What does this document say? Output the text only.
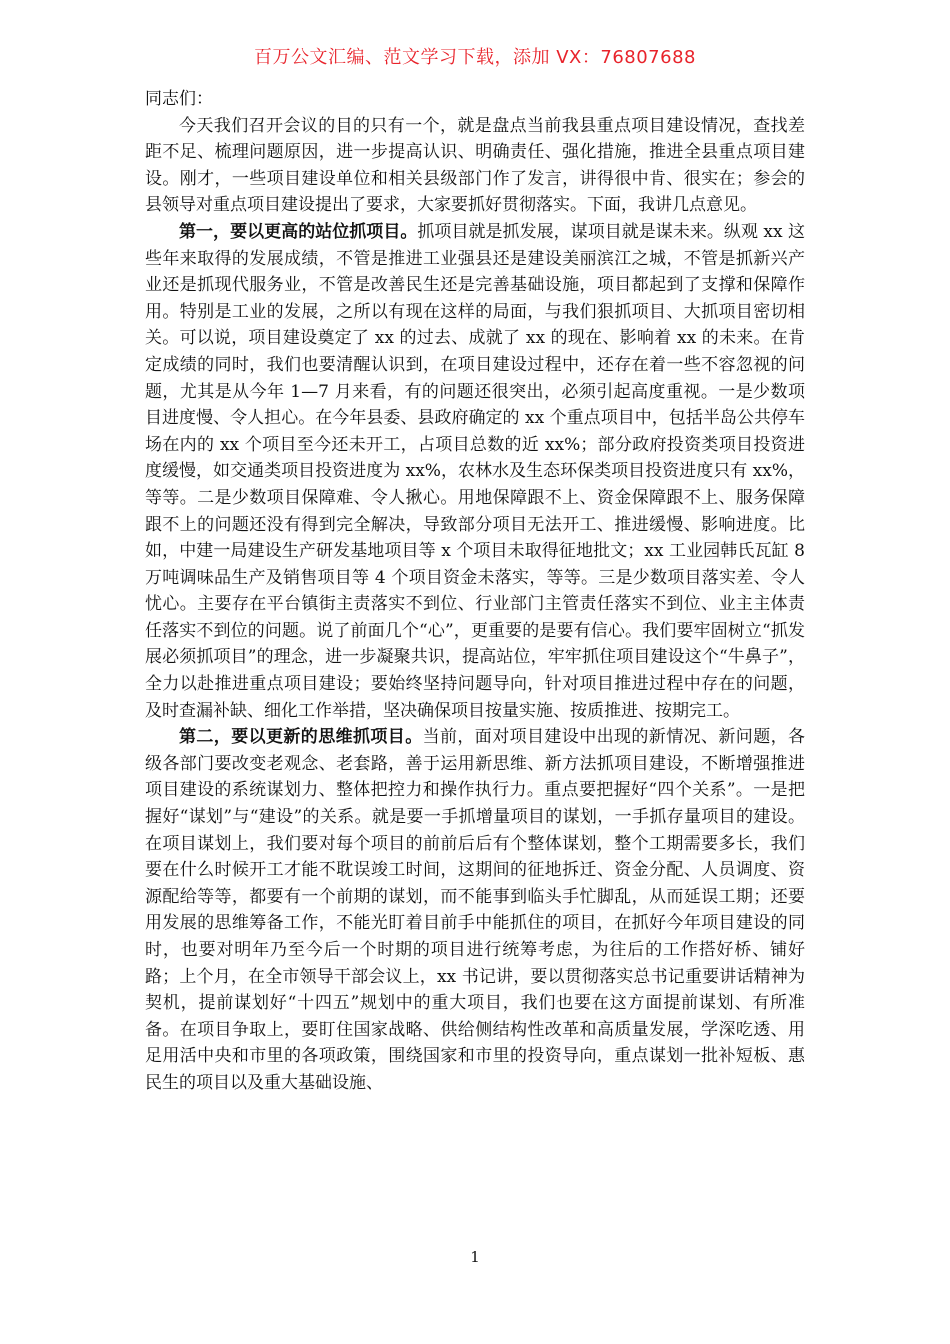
百万公文汇编、范文学习下载，添加 VX：76807688

同志们：

今天我们召开会议的目的只有一个，就是盘点当前我县重点项目建设情况，查找差距不足、梳理问题原因，进一步提高认识、明确责任、强化措施，推进全县重点项目建设。刚才，一些项目建设单位和相关县级部门作了发言，讲得很中肯、很实在；参会的县领导对重点项目建设提出了要求，大家要抓好贯彻落实。下面，我讲几点意见。

第一，要以更高的站位抓项目。抓项目就是抓发展，谋项目就是谋未来。纵观 xx 这些年来取得的发展成绩，不管是推进工业强县还是建设美丽滨江之城，不管是抓新兴产业还是抓现代服务业，不管是改善民生还是完善基础设施，项目都起到了支撑和保障作用。特别是工业的发展，之所以有现在这样的局面，与我们狠抓项目、大抓项目密切相关。可以说，项目建设奠定了 xx 的过去、成就了 xx 的现在、影响着 xx 的未来。在肯定成绩的同时，我们也要清醒认识到，在项目建设过程中，还存在着一些不容忽视的问题，尤其是从今年 1—7 月来看，有的问题还很突出，必须引起高度重视。一是少数项目进度慢、令人担心。在今年县委、县政府确定的 xx 个重点项目中，包括半岛公共停车场在内的 xx 个项目至今还未开工，占项目总数的近 xx%；部分政府投资类项目投资进度缓慢，如交通类项目投资进度为 xx%，农林水及生态环保类项目投资进度只有 xx%，等等。二是少数项目保障难、令人揪心。用地保障跟不上、资金保障跟不上、服务保障跟不上的问题还没有得到完全解决，导致部分项目无法开工、推进缓慢、影响进度。比如，中建一局建设生产研发基地项目等 x 个项目未取得征地批文；xx 工业园韩氏瓦缸 8 万吨调味品生产及销售项目等 4 个项目资金未落实，等等。三是少数项目落实差、令人忧心。主要存在平台镇街主责落实不到位、行业部门主管责任落实不到位、业主主体责任落实不到位的问题。说了前面几个“心”，更重要的是要有信心。我们要牢固树立“抓发展必须抓项目”的理念，进一步凝聚共识，提高站位，牢牢抓住项目建设这个“牛鼻子”，全力以赴推进重点项目建设；要始终坚持问题导向，针对项目推进过程中存在的问题，及时查漏补缺、细化工作举措，坚决确保项目按量实施、按质推进、按期完工。

第二，要以更新的思维抓项目。当前，面对项目建设中出现的新情况、新问题，各级各部门要改变老观念、老套路，善于运用新思维、新方法抓项目建设，不断增强推进项目建设的系统谋划力、整体把控力和操作执行力。重点要把握好“四个关系”。一是把握好“谋划”与“建设”的关系。就是要一手抓增量项目的谋划，一手抓存量项目的建设。在项目谋划上，我们要对每个项目的前前后后有个整体谋划，整个工期需要多长，我们要在什么时候开工才能不耽误竣工时间，这期间的征地拆迁、资金分配、人员调度、资源配给等等，都要有一个前期的谋划，而不能事到临头手忙脚乱，从而延误工期；还要用发展的思维筹备工作，不能光盯着目前手中能抓住的项目，在抓好今年项目建设的同时，也要对明年乃至今后一个时期的项目进行统筹考虑，为往后的工作搭好桥、铺好路；上个月，在全市领导干部会议上，xx 书记讲，要以贯彻落实总书记重要讲话精神为契机，提前谋划好“十四五”规划中的重大项目，我们也要在这方面提前谋划、有所准备。在项目争取上，要盯住国家战略、供给侧结构性改革和高质量发展，学深吃透、用足用活中央和市里的各项政策，围绕国家和市里的投资导向，重点谋划一批补短板、惠民生的项目以及重大基础设施、

1
